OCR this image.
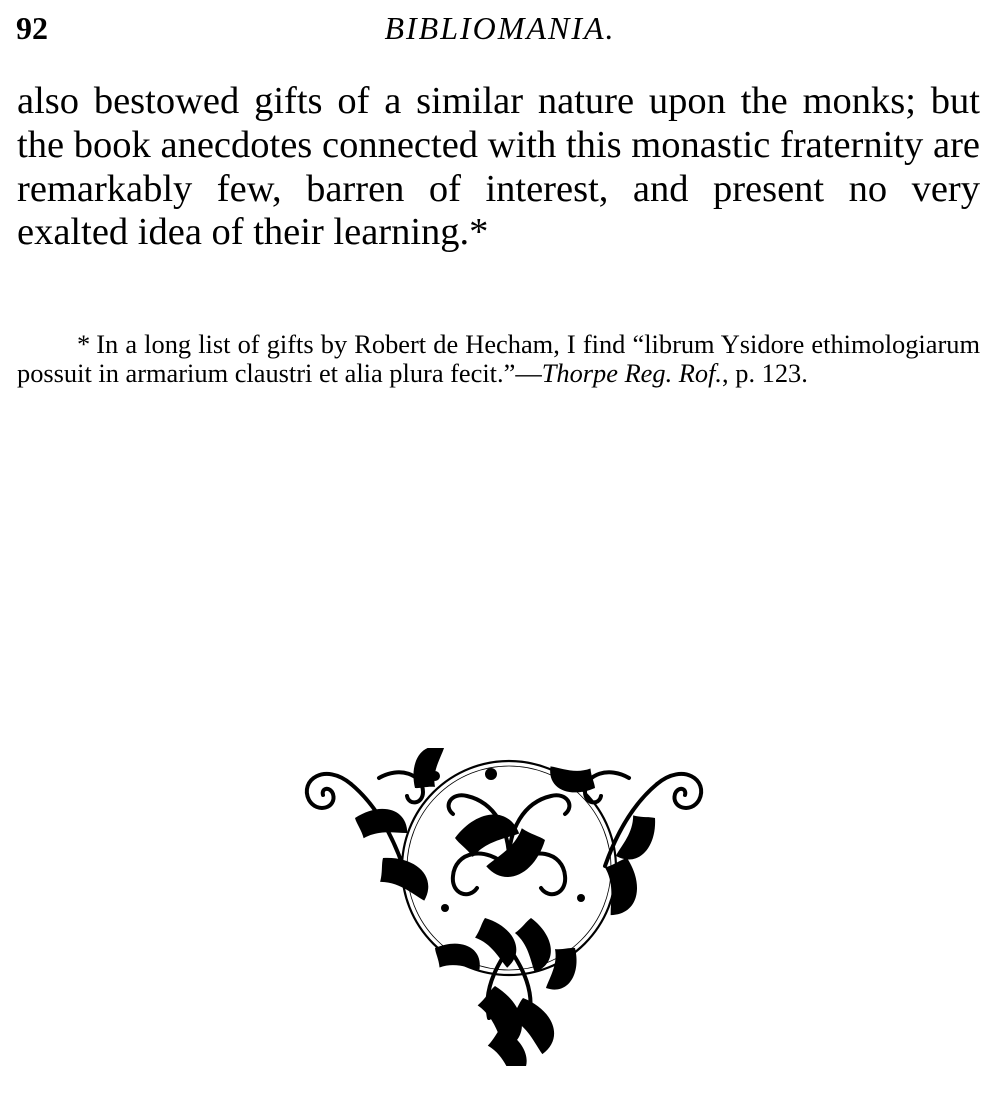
92	BIBLIOMANIA.

also bestowed gifts of a similar nature upon the monks; but the book anecdotes connected with this monastic fraternity are remarkably few, barren of interest, and present no very exalted idea of their learning.*

* In a long list of gifts by Robert de Hecham, I find “librum Ysidore ethimologiarum possuit in armarium claustri et alia plura fecit.”—Thorpe Reg. Rof., p. 123.
